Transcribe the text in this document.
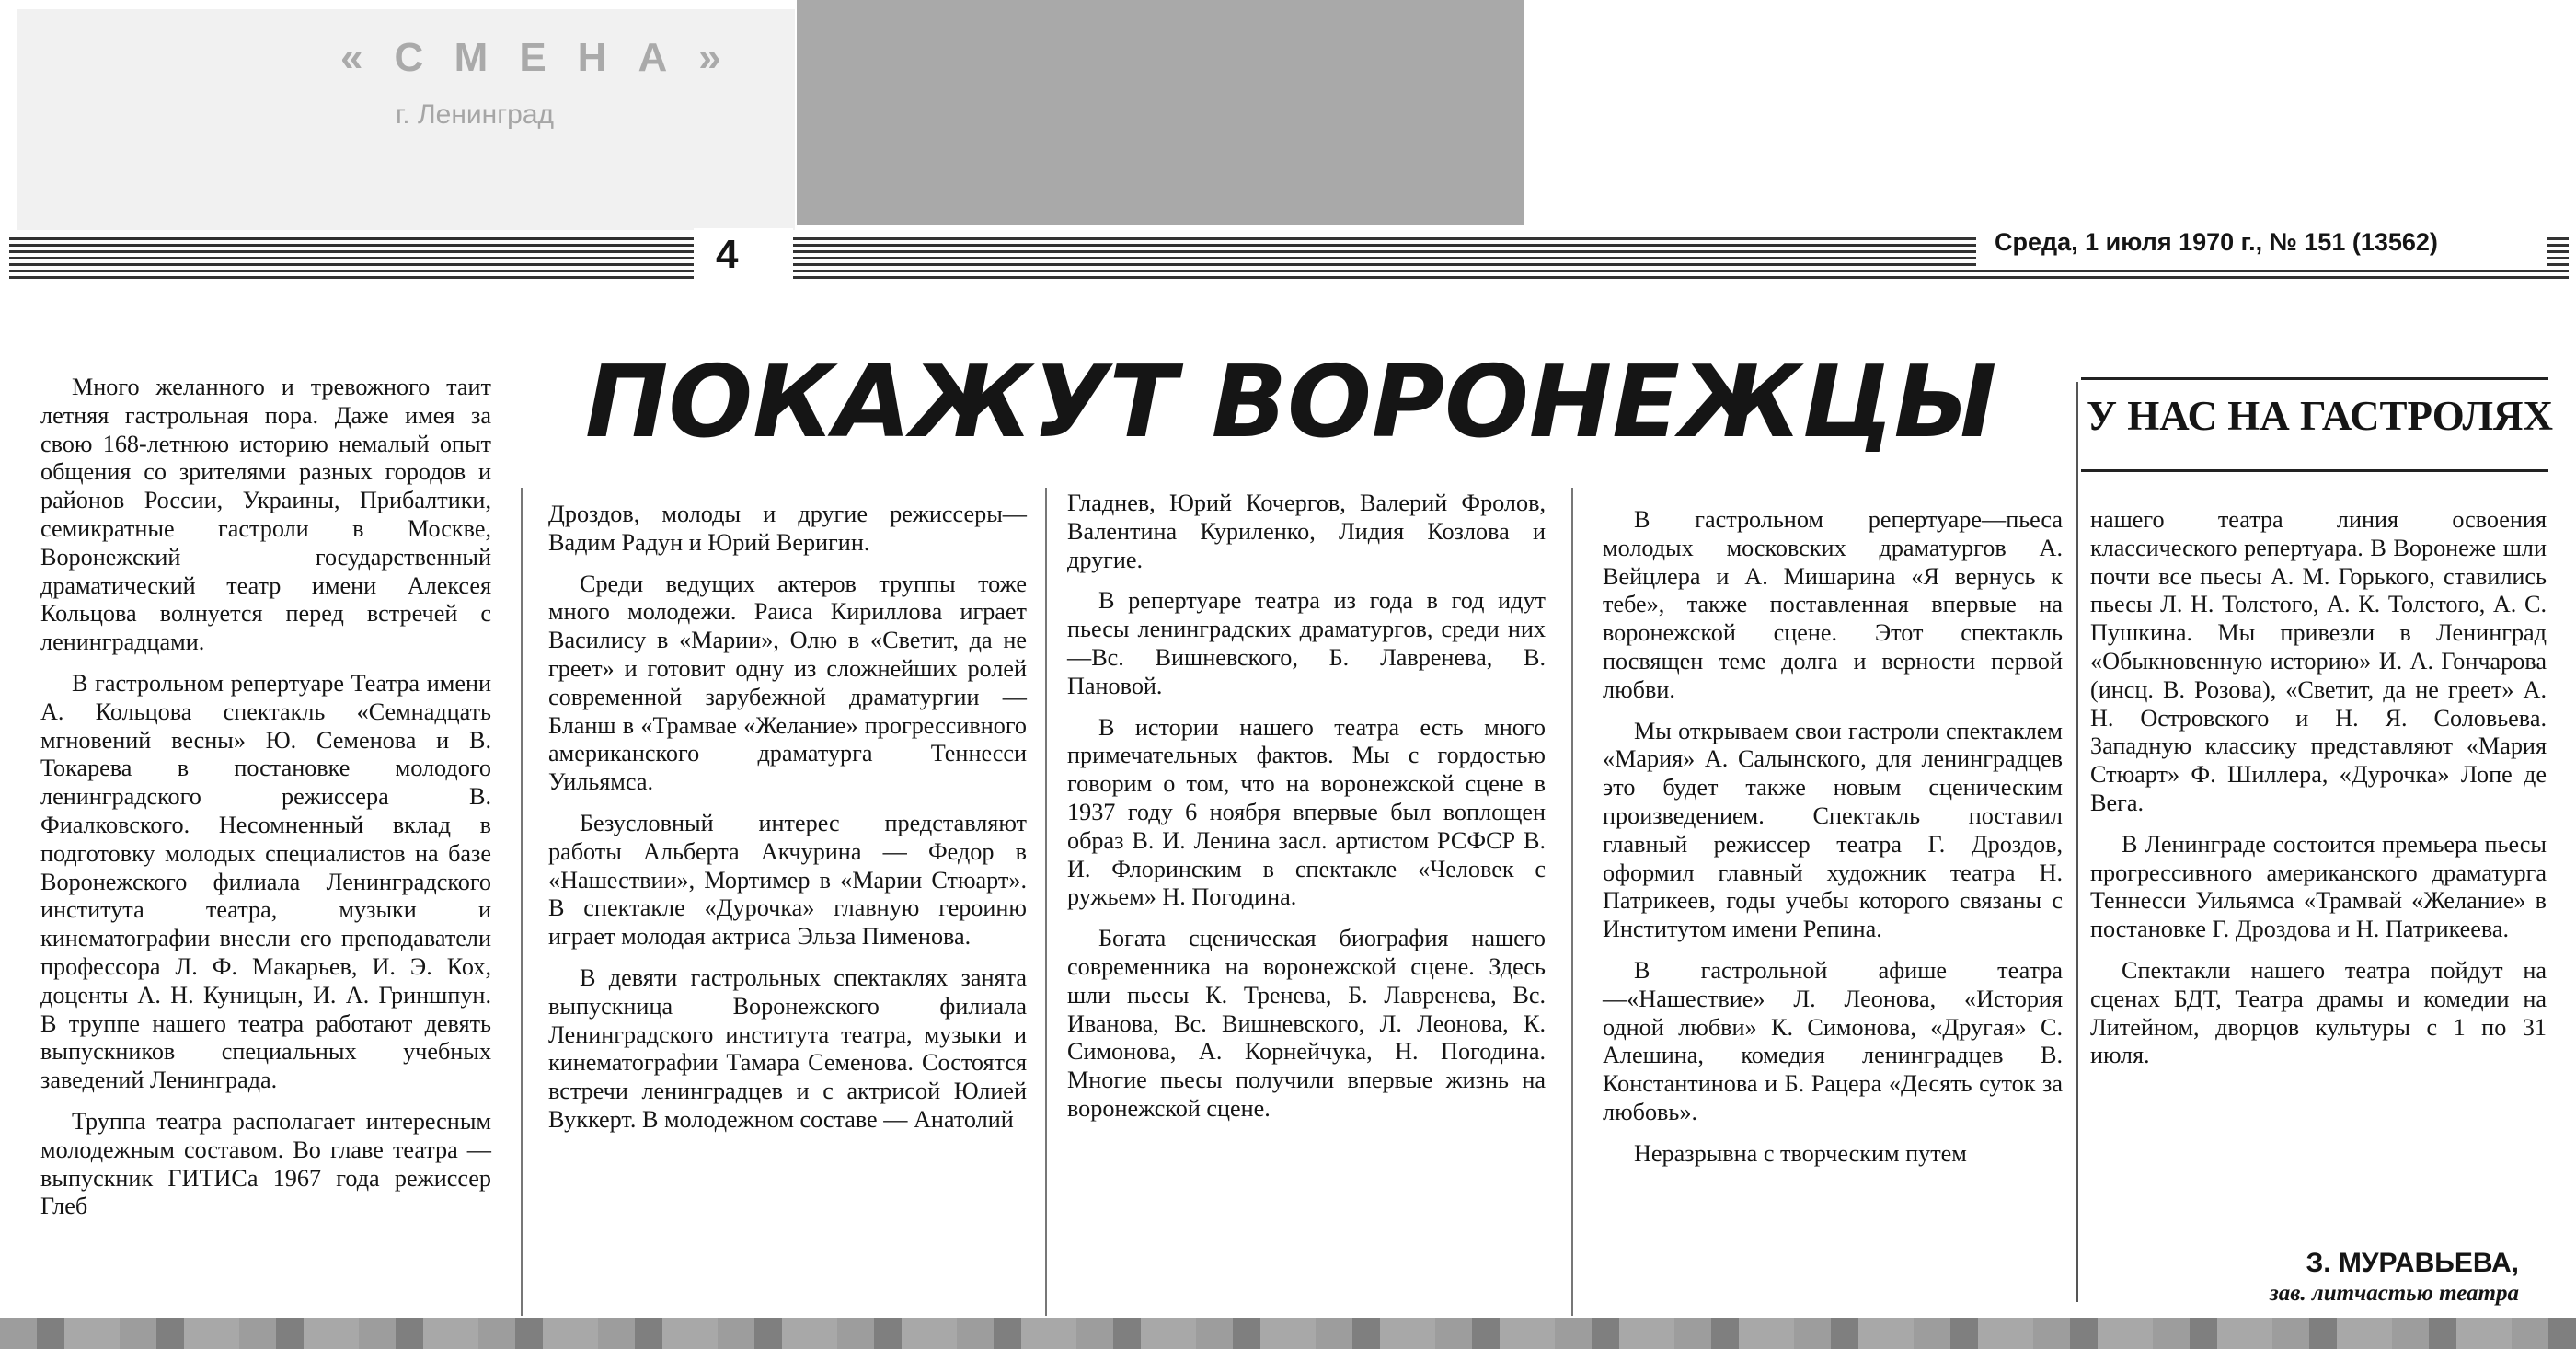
«СМЕНА»
г. Ленинград
4	Среда, 1 июля 1970 г., № 151 (13562)
ПОКАЖУТ ВОРОНЕЖЦЫ У НАС НА ГАСТРОЛЯХ

Много желанного и тревожного таит летняя гастрольная пора. Даже имея за свою 168-летнюю историю немалый опыт общения со зрителями разных городов и районов России, Украины, Прибалтики, семикратные гастроли в Москве, Воронежский государственный драматический театр имени Алексея Кольцова волнуется перед встречей с ленинградцами.

В гастрольном репертуаре Театра имени А. Кольцова спектакль «Семнадцать мгновений весны» Ю. Семенова и В. Токарева в постановке молодого ленинградского режиссера В. Фиалковского. Несомненный вклад в подготовку молодых специалистов на базе Воронежского филиала Ленинградского института театра, музыки и кинематографии внесли его преподаватели профессора Л. Ф. Макарьев, И. Э. Кох, доценты А. Н. Куницын, И. А. Гриншпун. В труппе нашего театра работают девять выпускников специальных учебных заведений Ленинграда.

Труппа театра располагает интересным молодежным составом. Во главе театра — выпускник ГИТИСа 1967 года режиссер Глеб

Дроздов, молоды и другие режиссеры—Вадим Радун и Юрий Веригин.

Среди ведущих актеров труппы тоже много молодежи. Раиса Кириллова играет Василису в «Марии», Олю в «Светит, да не греет» и готовит одну из сложнейших ролей современной зарубежной драматургии — Бланш в «Трамвае «Желание» прогрессивного американского драматурга Теннесси Уильямса.

Безусловный интерес представляют работы Альберта Акчурина — Федор в «Нашествии», Мортимер в «Марии Стюарт». В спектакле «Дурочка» главную героиню играет молодая актриса Эльза Пименова.

В девяти гастрольных спектаклях занята выпускница Воронежского филиала Ленинградского института театра, музыки и кинематографии Тамара Семенова. Состоятся встречи ленинградцев и с актрисой Юлией Вуккерт. В молодежном составе — Анатолий

Гладнев, Юрий Кочергов, Валерий Фролов, Валентина Куриленко, Лидия Козлова и другие.

В репертуаре театра из года в год идут пьесы ленинградских драматургов, среди них—Вс. Вишневского, Б. Лавренева, В. Пановой.

В истории нашего театра есть много примечательных фактов. Мы с гордостью говорим о том, что на воронежской сцене в 1937 году 6 ноября впервые был воплощен образ В. И. Ленина засл. артистом РСФСР В. И. Флоринским в спектакле «Человек с ружьем» Н. Погодина.

Богата сценическая биография нашего современника на воронежской сцене. Здесь шли пьесы К. Тренева, Б. Лавренева, Вс. Иванова, Вс. Вишневского, Л. Леонова, К. Симонова, А. Корнейчука, Н. Погодина. Многие пьесы получили впервые жизнь на воронежской сцене.

В гастрольном репертуаре—пьеса молодых московских драматургов А. Вейцлера и А. Мишарина «Я вернусь к тебе», также поставленная впервые на воронежской сцене. Этот спектакль посвящен теме долга и верности первой любви.

Мы открываем свои гастроли спектаклем «Мария» А. Салынского, для ленинградцев это будет также новым сценическим произведением. Спектакль поставил главный режиссер театра Г. Дроздов, оформил главный художник театра Н. Патрикеев, годы учебы которого связаны с Институтом имени Репина.

В гастрольной афише театра—«Нашествие» Л. Леонова, «История одной любви» К. Симонова, «Другая» С. Алешина, комедия ленинградцев В. Константинова и Б. Рацера «Десять суток за любовь».

Неразрывна с творческим путем

нашего театра линия освоения классического репертуара. В Воронеже шли почти все пьесы А. М. Горького, ставились пьесы Л. Н. Толстого, А. К. Толстого, А. С. Пушкина. Мы привезли в Ленинград «Обыкновенную историю» И. А. Гончарова (инсц. В. Розова), «Светит, да не греет» А. Н. Островского и Н. Я. Соловьева. Западную классику представляют «Мария Стюарт» Ф. Шиллера, «Дурочка» Лопе де Вега.

В Ленинграде состоится премьера пьесы прогрессивного американского драматурга Теннесси Уильямса «Трамвай «Желание» в постановке Г. Дроздова и Н. Патрикеева.

Спектакли нашего театра пойдут на сценах БДТ, Театра драмы и комедии на Литейном, дворцов культуры с 1 по 31 июля.

З. МУРАВЬЕВА,
зав. литчастью театра
